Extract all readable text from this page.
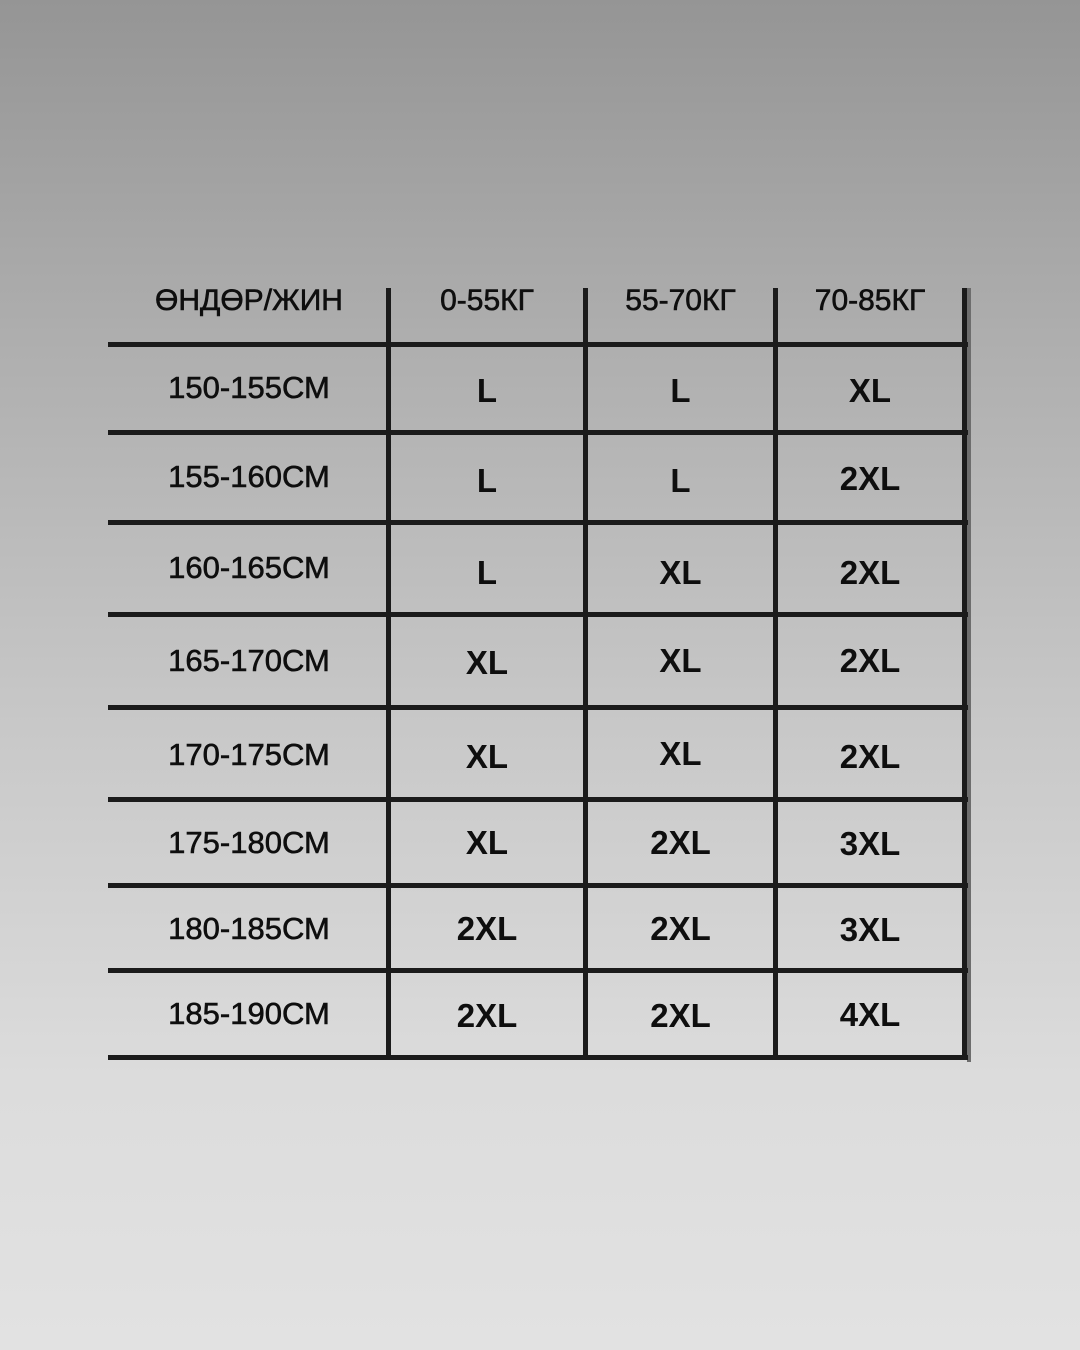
ӨНДӨР/ЖИН	0-55КГ	55-70КГ	70-85КГ
150-155СМ	L	L	XL
155-160СМ	L	L	2XL
160-165СМ	L	XL	2XL
165-170СМ	XL	XL	2XL
170-175СМ	XL	XL	2XL
175-180СМ	XL	2XL	3XL
180-185СМ	2XL	2XL	3XL
185-190СМ	2XL	2XL	4XL
